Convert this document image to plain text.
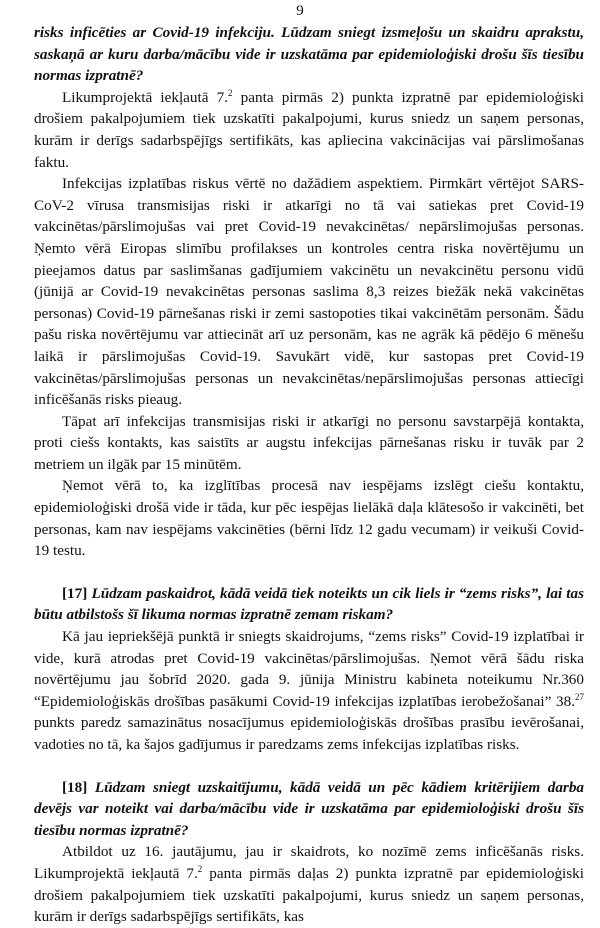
9

risks inficēties ar Covid-19 infekciju. Lūdzam sniegt izsmeļošu un skaidru aprakstu, saskaņā ar kuru darba/mācību vide ir uzskatāma par epidemioloģiski drošu šīs tiesību normas izpratnē?

Likumprojektā iekļautā 7.$^2$ panta pirmās 2) punkta izpratnē par epidemioloģiski drošiem pakalpojumiem tiek uzskatīti pakalpojumi, kurus sniedz un saņem personas, kurām ir derīgs sadarbspējīgs sertifikāts, kas apliecina vakcinācijas vai pārslimošanas faktu.

Infekcijas izplatības riskus vērtē no dažādiem aspektiem. Pirmkārt vērtējot SARS-CoV-2 vīrusa transmisijas riski ir atkarīgi no tā vai satiekas pret Covid-19 vakcinētas/pārslimojušas vai pret Covid-19 nevakcinētas/ nepārslimojušas personas. Ņemto vērā Eiropas slimību profilakses un kontroles centra riska novērtējumu un pieejamos datus par saslimšanas gadījumiem vakcinētu un nevakcinētu personu vidū (jūnijā ar Covid-19 nevakcinētas personas saslima 8,3 reizes biežāk nekā vakcinētas personas) Covid-19 pārnešanas riski ir zemi sastopoties tikai vakcinētām personām. Šādu pašu riska novērtējumu var attiecināt arī uz personām, kas ne agrāk kā pēdējo 6 mēnešu laikā ir pārslimojušas Covid-19. Savukārt vidē, kur sastopas pret Covid-19 vakcinētas/pārslimojušas personas un nevakcinētas/nepārslimojušas personas attiecīgi inficēšanās risks pieaug.

Tāpat arī infekcijas transmisijas riski ir atkarīgi no personu savstarpējā kontakta, proti ciešs kontakts, kas saistīts ar augstu infekcijas pārnešanas risku ir tuvāk par 2 metriem un ilgāk par 15 minūtēm.

Ņemot vērā to, ka izglītības procesā nav iespējams izslēgt ciešu kontaktu, epidemioloģiski drošā vide ir tāda, kur pēc iespējas lielākā daļa klātesošo ir vakcinēti, bet personas, kam nav iespējams vakcinēties (bērni līdz 12 gadu vecumam) ir veikuši Covid-19 testu.

[17] Lūdzam paskaidrot, kādā veidā tiek noteikts un cik liels ir “zems risks”, lai tas būtu atbilstošs šī likuma normas izpratnē zemam riskam?

Kā jau iepriekšējā punktā ir sniegts skaidrojums, “zems risks” Covid-19 izplatībai ir vide, kurā atrodas pret Covid-19 vakcinētas/pārslimojušas. Ņemot vērā šādu riska novērtējumu jau šobrīd 2020. gada 9. jūnija Ministru kabineta noteikumu Nr.360 “Epidemioloģiskās drošības pasākumi Covid-19 infekcijas izplatības ierobežošanai” 38.27 punkts paredz samazinātus nosacījumus epidemioloģiskās drošības prasību ievērošanai, vadoties no tā, ka šajos gadījumus ir paredzams zems infekcijas izplatības risks.

[18] Lūdzam sniegt uzskaitījumu, kādā veidā un pēc kādiem kritērijiem darba devējs var noteikt vai darba/mācību vide ir uzskatāma par epidemioloģiski drošu šīs tiesību normas izpratnē?

Atbildot uz 16. jautājumu, jau ir skaidrots, ko nozīmē zems inficēšanās risks. Likumprojektā iekļautā 7.$^2$ panta pirmās daļas 2) punkta izpratnē par epidemioloģiski drošiem pakalpojumiem tiek uzskatīti pakalpojumi, kurus sniedz un saņem personas, kurām ir derīgs sadarbspējīgs sertifikāts, kas
